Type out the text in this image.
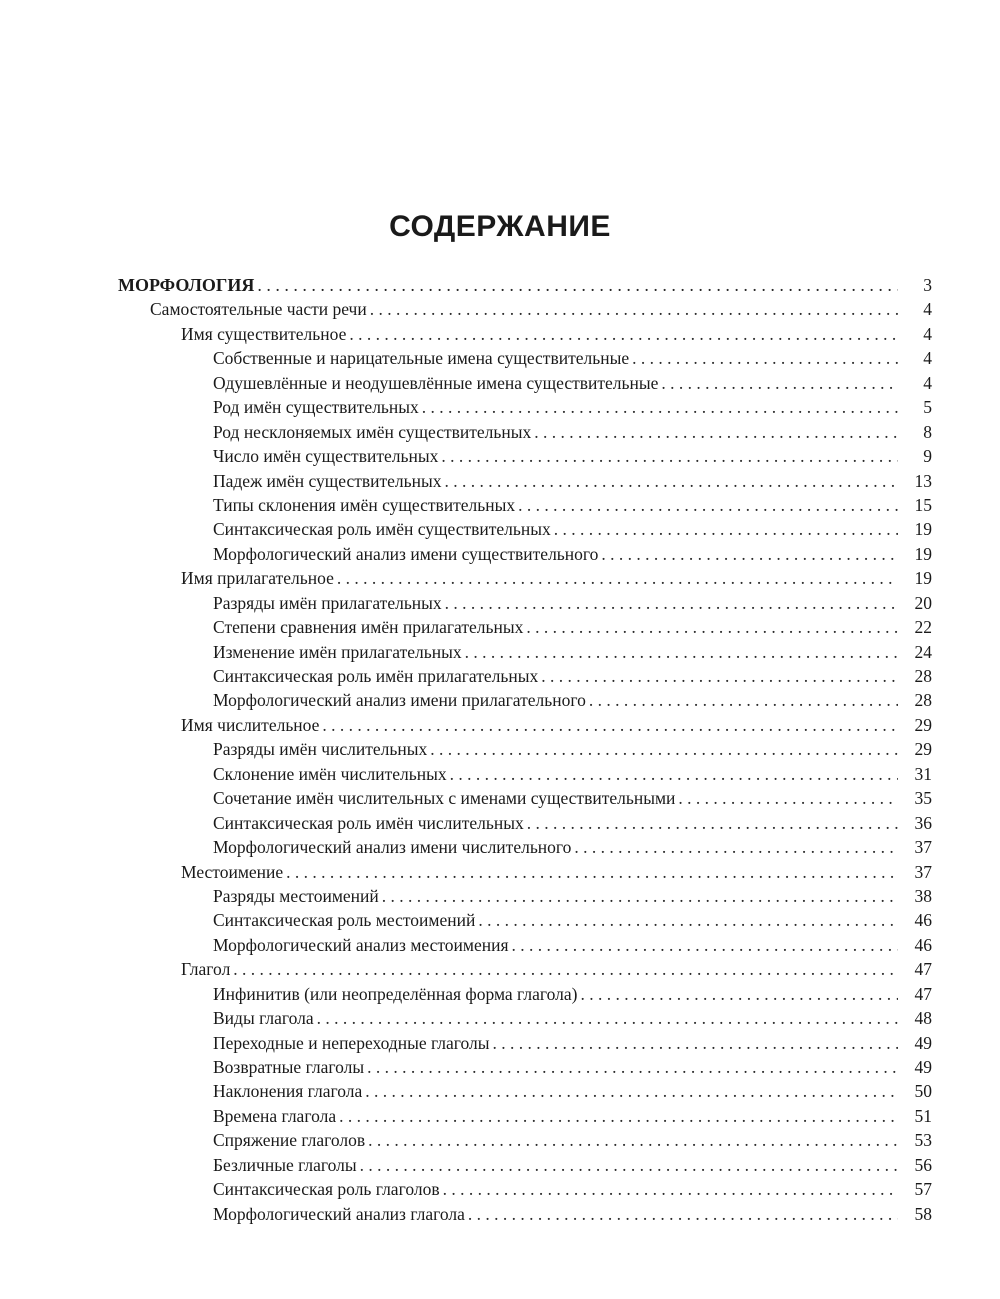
СОДЕРЖАНИЕ
МОРФОЛОГИЯ . . .	3
Самостоятельные части речи . . .	4
Имя существительное . . .	4
Собственные и нарицательные имена существительные . . .	4
Одушевлённые и неодушевлённые имена существительные . . .	4
Род имён существительных . . .	5
Род несклоняемых имён существительных . . .	8
Число имён существительных . . .	9
Падеж имён существительных . . .	13
Типы склонения имён существительных . . .	15
Синтаксическая роль имён существительных . . .	19
Морфологический анализ имени существительного . . .	19
Имя прилагательное . . .	19
Разряды имён прилагательных . . .	20
Степени сравнения имён прилагательных . . .	22
Изменение имён прилагательных . . .	24
Синтаксическая роль имён прилагательных . . .	28
Морфологический анализ имени прилагательного . . .	28
Имя числительное . . .	29
Разряды имён числительных . . .	29
Склонение имён числительных . . .	31
Сочетание имён числительных с именами существительными . . .	35
Синтаксическая роль имён числительных . . .	36
Морфологический анализ имени числительного . . .	37
Местоимение . . .	37
Разряды местоимений . . .	38
Синтаксическая роль местоимений . . .	46
Морфологический анализ местоимения . . .	46
Глагол . . .	47
Инфинитив (или неопределённая форма глагола) . . .	47
Виды глагола . . .	48
Переходные и непереходные глаголы . . .	49
Возвратные глаголы . . .	49
Наклонения глагола . . .	50
Времена глагола . . .	51
Спряжение глаголов . . .	53
Безличные глаголы . . .	56
Синтаксическая роль глаголов . . .	57
Морфологический анализ глагола . . .	58
